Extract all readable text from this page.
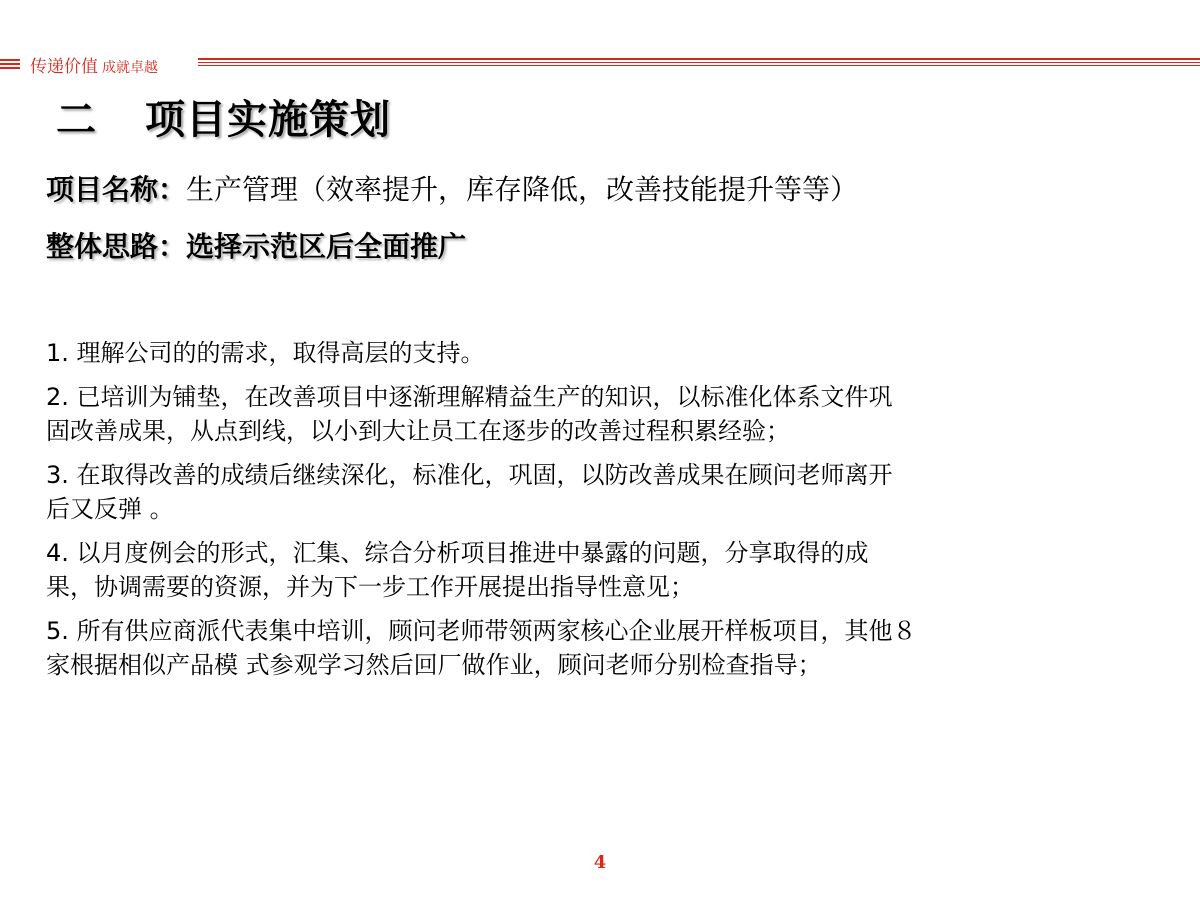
传递价值 成就卓越
二 项目实施策划
项目名称：生产管理（效率提升，库存降低，改善技能提升等等）
整体思路：选择示范区后全面推广
1. 理解公司的的需求，取得高层的支持。
2. 已培训为铺垫，在改善项目中逐渐理解精益生产的知识，以标准化体系文件巩
固改善成果，从点到线，以小到大让员工在逐步的改善过程积累经验；
3. 在取得改善的成绩后继续深化，标准化，巩固，以防改善成果在顾问老师离开
后又反弹 。
4. 以月度例会的形式，汇集、综合分析项目推进中暴露的问题，分享取得的成
果，协调需要的资源，并为下一步工作开展提出指导性意见；
5. 所有供应商派代表集中培训，顾问老师带领两家核心企业展开样板项目，其他８
家根据相似产品模 式参观学习然后回厂做作业，顾问老师分别检查指导；
4
